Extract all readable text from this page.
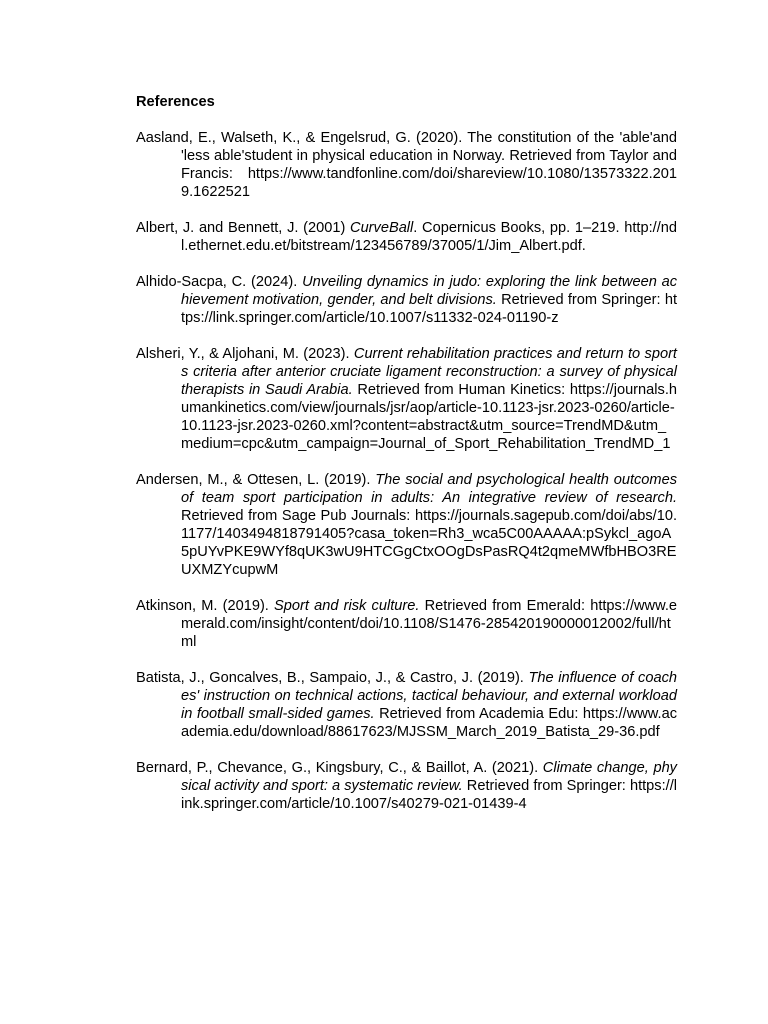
References
Aasland, E., Walseth, K., & Engelsrud, G. (2020). The constitution of the 'able'and 'less able'student in physical education in Norway. Retrieved from Taylor and Francis: https://www.tandfonline.com/doi/shareview/10.1080/13573322.2019.1622521
Albert, J. and Bennett, J. (2001) CurveBall. Copernicus Books, pp. 1–219. http://ndl.ethernet.edu.et/bitstream/123456789/37005/1/Jim_Albert.pdf.
Alhido-Sacpa, C. (2024). Unveiling dynamics in judo: exploring the link between achievement motivation, gender, and belt divisions. Retrieved from Springer: https://link.springer.com/article/10.1007/s11332-024-01190-z
Alsheri, Y., & Aljohani, M. (2023). Current rehabilitation practices and return to sports criteria after anterior cruciate ligament reconstruction: a survey of physical therapists in Saudi Arabia. Retrieved from Human Kinetics: https://journals.humankinetics.com/view/journals/jsr/aop/article-10.1123-jsr.2023-0260/article-10.1123-jsr.2023-0260.xml?content=abstract&utm_source=TrendMD&utm_medium=cpc&utm_campaign=Journal_of_Sport_Rehabilitation_TrendMD_1
Andersen, M., & Ottesen, L. (2019). The social and psychological health outcomes of team sport participation in adults: An integrative review of research. Retrieved from Sage Pub Journals: https://journals.sagepub.com/doi/abs/10.1177/1403494818791405?casa_token=Rh3_wca5C00AAAAA:pSykcl_agoA5pUYvPKE9WYf8qUK3wU9HTCGgCtxOOgDsPasRQ4t2qmeMWfbHBO3REUXMZYcupwM
Atkinson, M. (2019). Sport and risk culture. Retrieved from Emerald: https://www.emerald.com/insight/content/doi/10.1108/S1476-285420190000012002/full/html
Batista, J., Goncalves, B., Sampaio, J., & Castro, J. (2019). The influence of coaches' instruction on technical actions, tactical behaviour, and external workload in football small-sided games. Retrieved from Academia Edu: https://www.academia.edu/download/88617623/MJSSM_March_2019_Batista_29-36.pdf
Bernard, P., Chevance, G., Kingsbury, C., & Baillot, A. (2021). Climate change, physical activity and sport: a systematic review. Retrieved from Springer: https://link.springer.com/article/10.1007/s40279-021-01439-4
